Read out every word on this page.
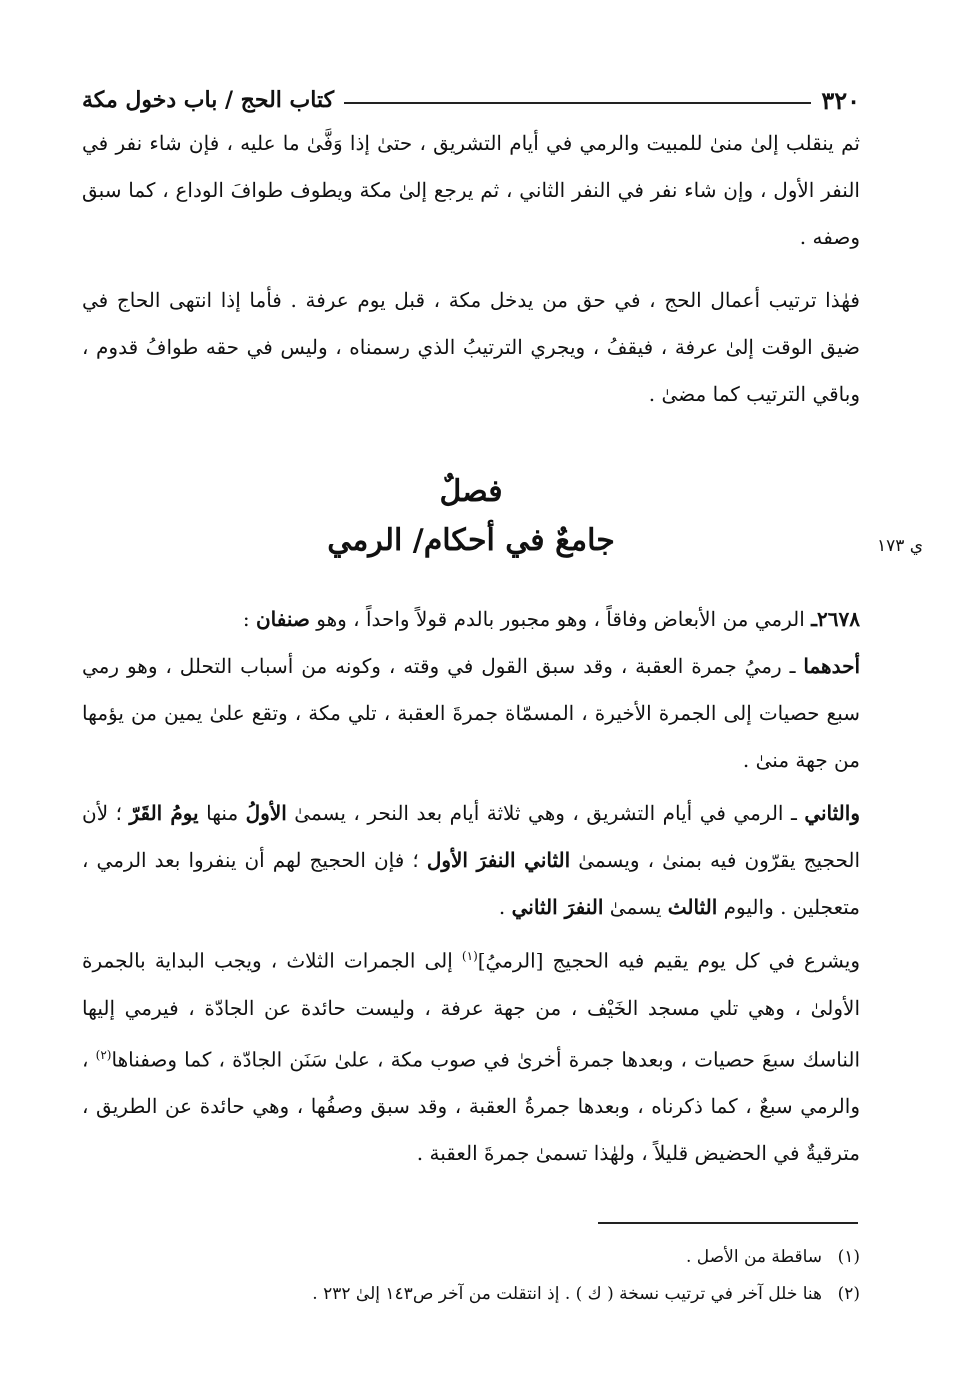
٣٢٠
كتاب الحج / باب دخول مكة

ثم ينقلب إلىٰ منىٰ للمبيت والرمي في أيام التشريق ، حتىٰ إذا وَفَّىٰ ما عليه ، فإن شاء نفر في النفر الأول ، وإن شاء نفر في النفر الثاني ، ثم يرجع إلىٰ مكة ويطوف طوافَ الوداع ، كما سبق وصفه .

فهٰذا ترتيب أعمال الحج ، في حق من يدخل مكة ، قبل يوم عرفة . فأما إذا انتهى الحاج في ضيق الوقت إلىٰ عرفة ، فيقفُ ، ويجري الترتيبُ الذي رسمناه ، وليس في حقه طوافُ قدوم ، وباقي الترتيب كما مضىٰ .

فصلٌ
جامعٌ في أحكام/ الرمي	ي ١٧٣

٢٦٧٨ـ الرمي من الأبعاض وفاقاً ، وهو مجبور بالدم قولاً واحداً ، وهو صنفان :

أحدهما ـ رميُ جمرة العقبة ، وقد سبق القول في وقته ، وكونه من أسباب التحلل ، وهو رمي سبع حصيات إلى الجمرة الأخيرة ، المسمّاة جمرةَ العقبة ، تلي مكة ، وتقع علىٰ يمين من يؤمها من جهة منىٰ .

والثاني ـ الرمي في أيام التشريق ، وهي ثلاثة أيام بعد النحر ، يسمىٰ الأولُ منها يومُ القَرّ ؛ لأن الحجيج يقرّون فيه بمنىٰ ، ويسمىٰ الثاني النفرَ الأول ؛ فإن الحجيج لهم أن ينفروا بعد الرمي ، متعجلين . واليوم الثالث يسمىٰ النفرَ الثاني .

ويشرع في كل يوم يقيم فيه الحجيج [الرميُ]$^{(١)}$ إلى الجمرات الثلاث ، ويجب البداية بالجمرة الأولىٰ ، وهي تلي مسجد الخَيْف ، من جهة عرفة ، وليست حائدة عن الجادّة ، فيرمي إليها الناسك سبعَ حصيات ، وبعدها جمرة أخرىٰ في صوب مكة ، علىٰ سَنَن الجادّة ، كما وصفناها$^{(٢)}$ ، والرمي سبعٌ ، كما ذكرناه ، وبعدها جمرةُ العقبة ، وقد سبق وصفُها ، وهي حائدة عن الطريق ، مترقيةٌ في الحضيض قليلاً ، ولهٰذا تسمىٰ جمرةَ العقبة .

(١)ساقطة من الأصل .
(٢)هنا خلل آخر في ترتيب نسخة ( ك ) . إذ انتقلت من آخر ص١٤٣ إلىٰ ٢٣٢ .
